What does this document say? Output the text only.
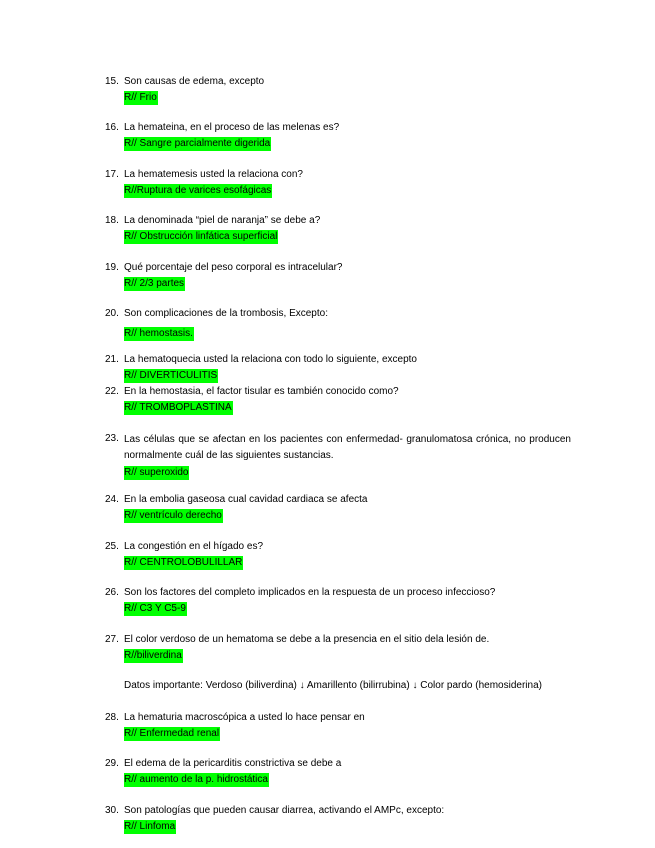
15. Son causas de edema, excepto
R// Frio
16. La hemateina, en el proceso de las melenas es?
R// Sangre parcialmente digerida
17. La hematemesis usted la relaciona con?
R//Ruptura de varices esofágicas
18. La denominada “piel de naranja” se debe a?
R// Obstrucción linfática superficial
19. Qué porcentaje del peso corporal es intracelular?
R// 2/3 partes
20. Son complicaciones de la trombosis, Excepto:
R// hemostasis.
21. La hematoquecia usted la relaciona con todo lo siguiente, excepto
R// DIVERTICULITIS
22. En la hemostasia, el factor tisular es también conocido como?
R// TROMBOPLASTINA
23. Las células que se afectan en los pacientes con enfermedad- granulomatosa crónica, no producen normalmente cuál de las siguientes sustancias.
R// superoxido
24. En la embolia gaseosa cual cavidad cardiaca se afecta
R// ventrículo derecho
25. La congestión en el hígado es?
R// CENTROLOBULILLAR
26. Son los factores del completo implicados en la respuesta de un proceso infeccioso?
R// C3 Y C5-9
27. El color verdoso de un hematoma se debe a la presencia en el sitio dela lesión de.
R//biliverdina
Datos importante: Verdoso (biliverdina) ↓ Amarillento (bilirrubina) ↓ Color pardo (hemosiderina)
28. La hematuria macroscópica a usted lo hace pensar en
R// Enfermedad renal
29. El edema de la pericarditis constrictiva se debe a
R// aumento de la p. hidrostática
30. Son patologías que pueden causar diarrea, activando el AMPc, excepto:
R// Linfoma
